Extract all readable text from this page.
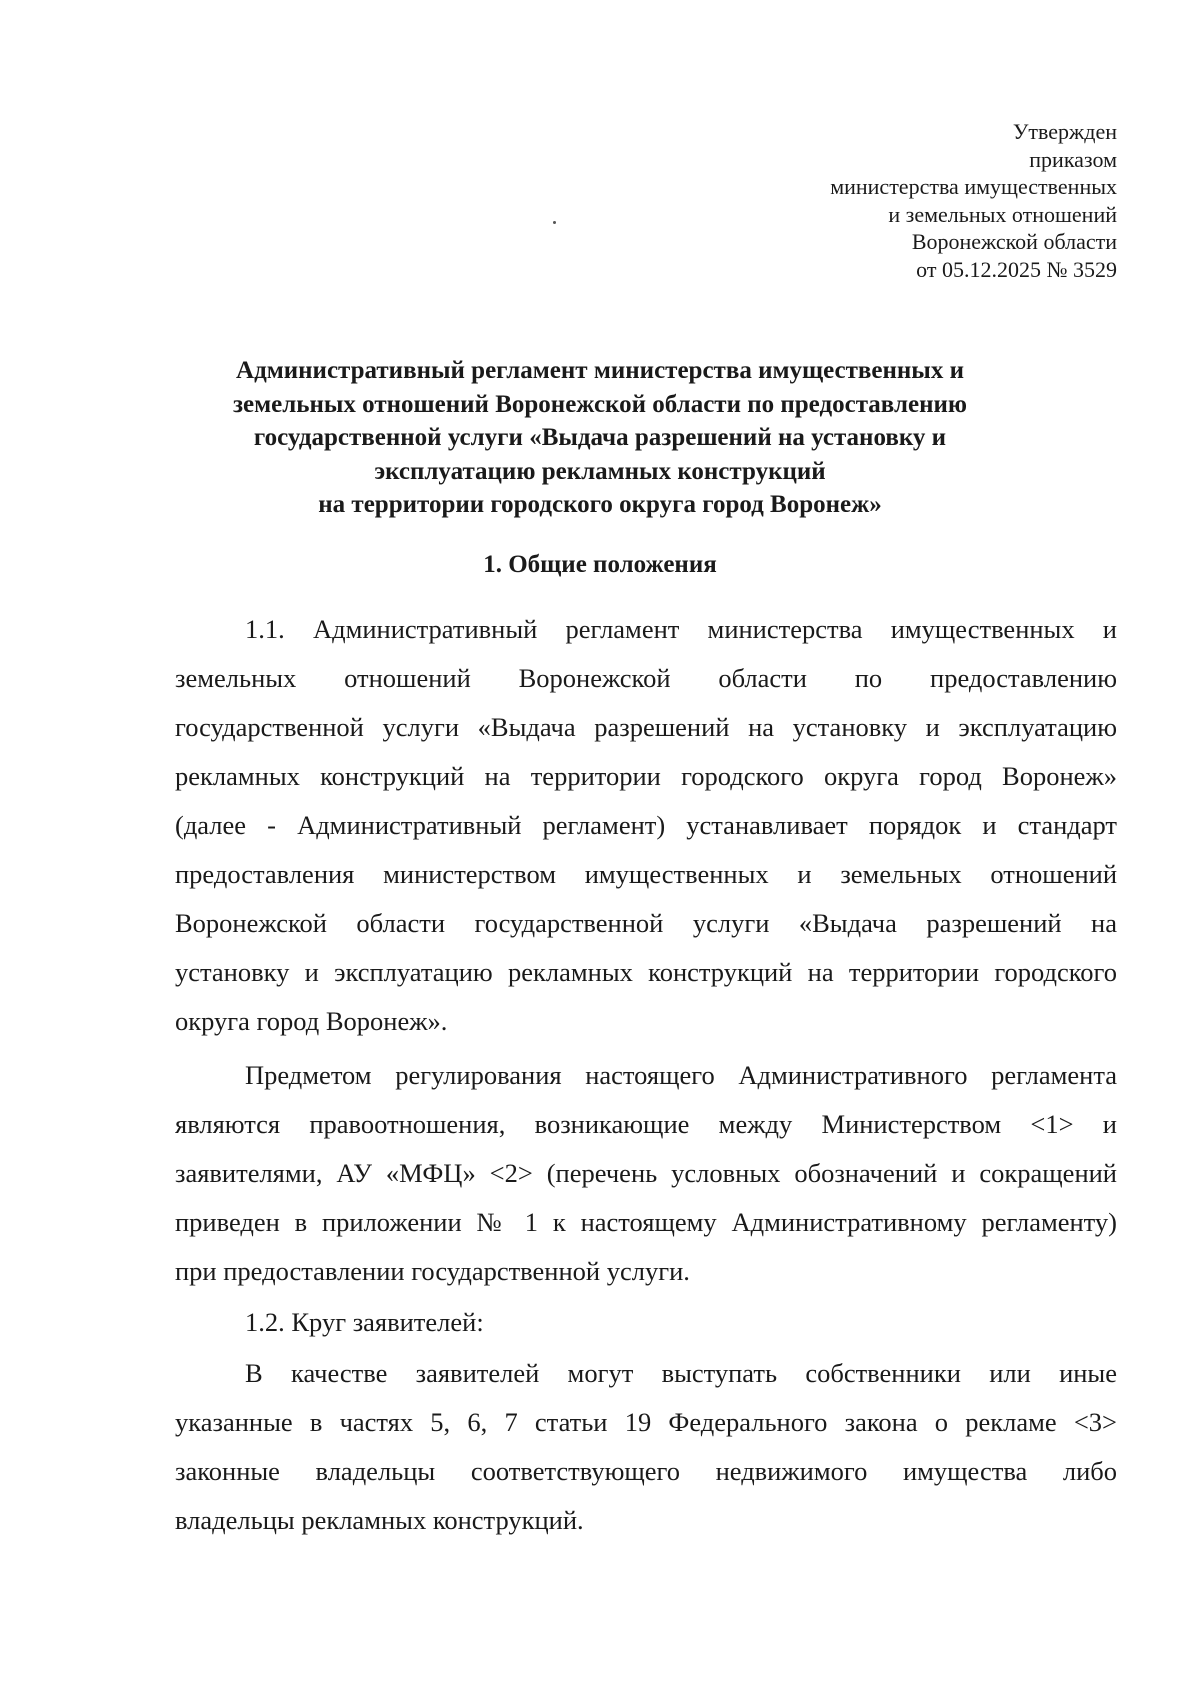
Утвержден
приказом
министерства имущественных
и земельных отношений
Воронежской области
от 05.12.2025 № 3529
Административный регламент министерства имущественных и
земельных отношений Воронежской области по предоставлению
государственной услуги «Выдача разрешений на установку и
эксплуатацию рекламных конструкций
на территории городского округа город Воронеж»
1. Общие положения
1.1. Административный регламент министерства имущественных и
земельных отношений Воронежской области по предоставлению
государственной услуги «Выдача разрешений на установку и эксплуатацию
рекламных конструкций на территории городского округа город Воронеж»
(далее - Административный регламент) устанавливает порядок и стандарт
предоставления министерством имущественных и земельных отношений
Воронежской области государственной услуги «Выдача разрешений на
установку и эксплуатацию рекламных конструкций на территории городского
округа город Воронеж».
Предметом регулирования настоящего Административного регламента
являются правоотношения, возникающие между Министерством <1> и
заявителями, АУ «МФЦ» <2> (перечень условных обозначений и сокращений
приведен в приложении № 1 к настоящему Административному регламенту)
при предоставлении государственной услуги.
1.2. Круг заявителей:
В качестве заявителей могут выступать собственники или иные
указанные в частях 5, 6, 7 статьи 19 Федерального закона о рекламе <3>
законные владельцы соответствующего недвижимого имущества либо
владельцы рекламных конструкций.
